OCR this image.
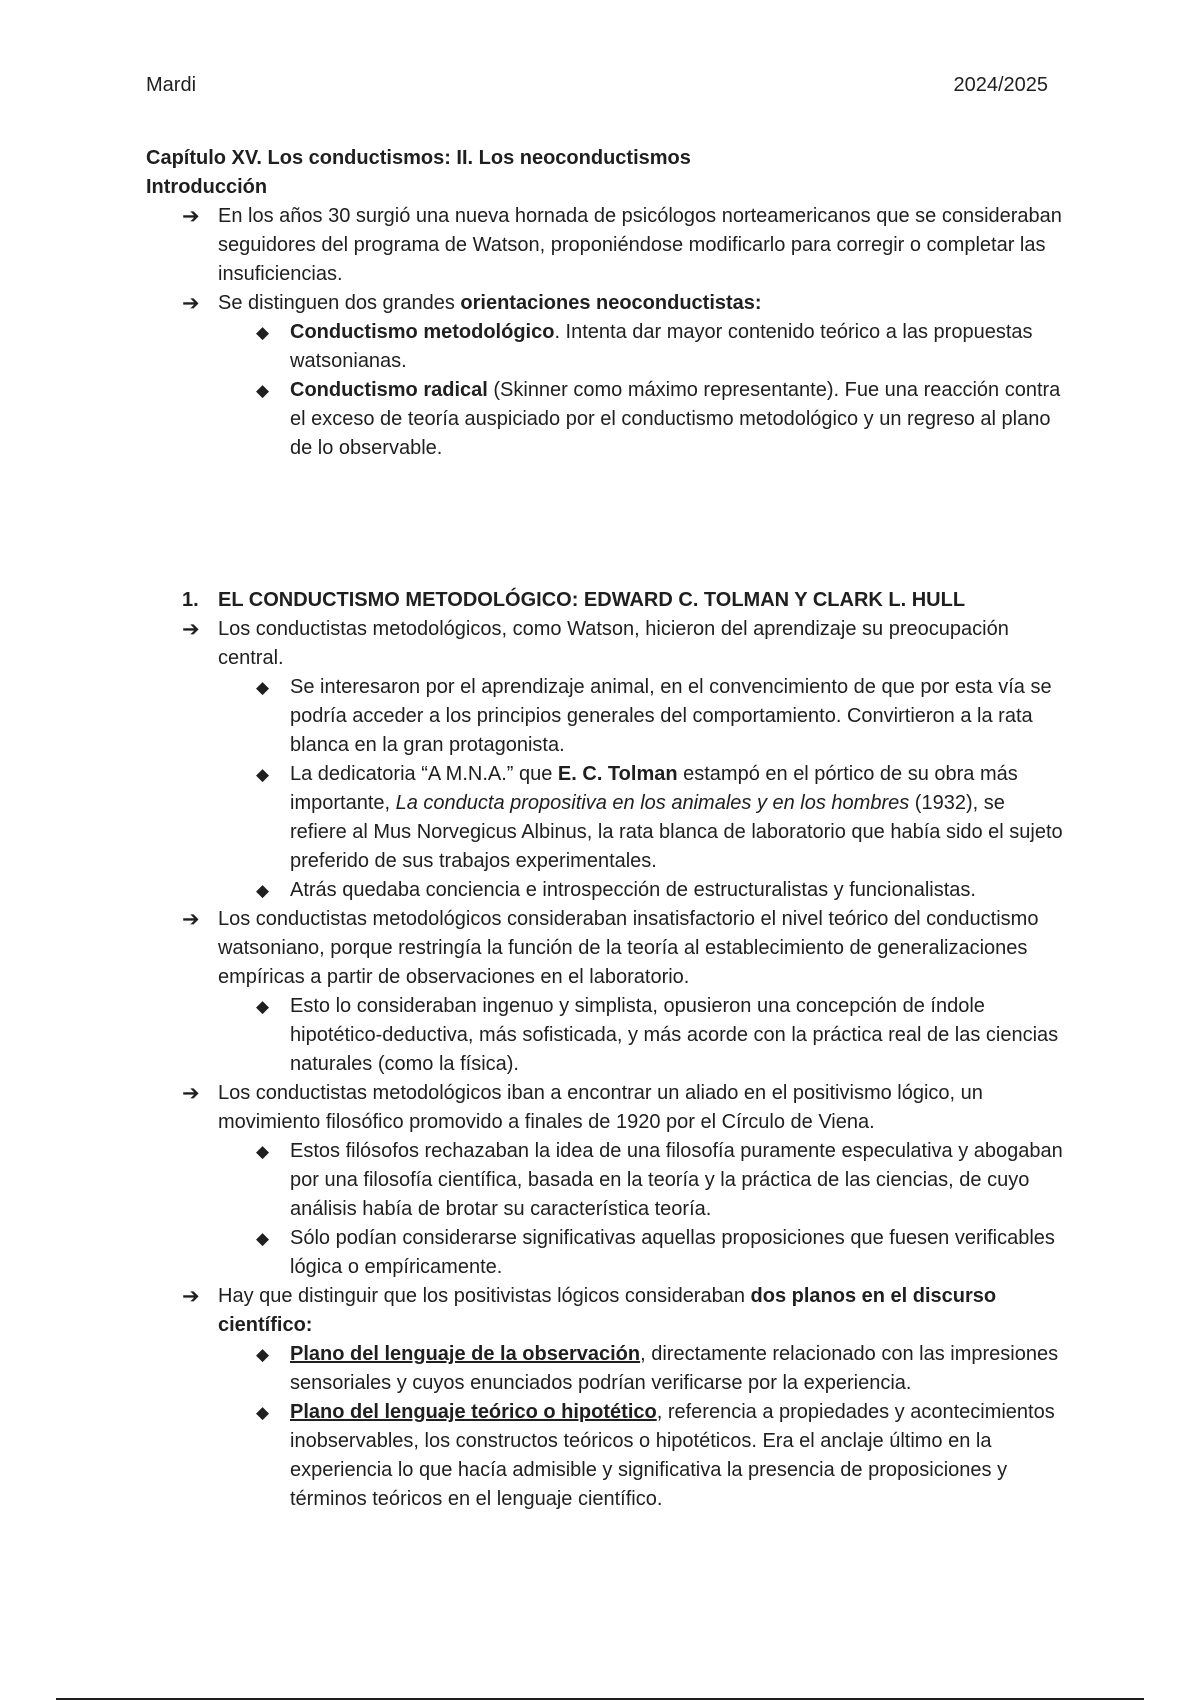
Mardi	2024/2025
Capítulo XV. Los conductismos: II. Los neoconductismos
Introducción
➔ En los años 30 surgió una nueva hornada de psicólogos norteamericanos que se consideraban seguidores del programa de Watson, proponiéndose modificarlo para corregir o completar las insuficiencias.
➔ Se distinguen dos grandes orientaciones neoconductistas:
◆ Conductismo metodológico. Intenta dar mayor contenido teórico a las propuestas watsonianas.
◆ Conductismo radical (Skinner como máximo representante). Fue una reacción contra el exceso de teoría auspiciado por el conductismo metodológico y un regreso al plano de lo observable.
1. EL CONDUCTISMO METODOLÓGICO: EDWARD C. TOLMAN Y CLARK L. HULL
➔ Los conductistas metodológicos, como Watson, hicieron del aprendizaje su preocupación central.
◆ Se interesaron por el aprendizaje animal, en el convencimiento de que por esta vía se podría acceder a los principios generales del comportamiento. Convirtieron a la rata blanca en la gran protagonista.
◆ La dedicatoria “A M.N.A.” que E. C. Tolman estampó en el pórtico de su obra más importante, La conducta propositiva en los animales y en los hombres (1932), se refiere al Mus Norvegicus Albinus, la rata blanca de laboratorio que había sido el sujeto preferido de sus trabajos experimentales.
◆ Atrás quedaba conciencia e introspección de estructuralistas y funcionalistas.
➔ Los conductistas metodológicos consideraban insatisfactorio el nivel teórico del conductismo watsoniano, porque restringía la función de la teoría al establecimiento de generalizaciones empíricas a partir de observaciones en el laboratorio.
◆ Esto lo consideraban ingenuo y simplista, opusieron una concepción de índole hipotético-deductiva, más sofisticada, y más acorde con la práctica real de las ciencias naturales (como la física).
➔ Los conductistas metodológicos iban a encontrar un aliado en el positivismo lógico, un movimiento filosófico promovido a finales de 1920 por el Círculo de Viena.
◆ Estos filósofos rechazaban la idea de una filosofía puramente especulativa y abogaban por una filosofía científica, basada en la teoría y la práctica de las ciencias, de cuyo análisis había de brotar su característica teoría.
◆ Sólo podían considerarse significativas aquellas proposiciones que fuesen verificables lógica o empíricamente.
➔ Hay que distinguir que los positivistas lógicos consideraban dos planos en el discurso científico:
◆ Plano del lenguaje de la observación, directamente relacionado con las impresiones sensoriales y cuyos enunciados podrían verificarse por la experiencia.
◆ Plano del lenguaje teórico o hipotético, referencia a propiedades y acontecimientos inobservables, los constructos teóricos o hipotéticos. Era el anclaje último en la experiencia lo que hacía admisible y significativa la presencia de proposiciones y términos teóricos en el lenguaje científico.
